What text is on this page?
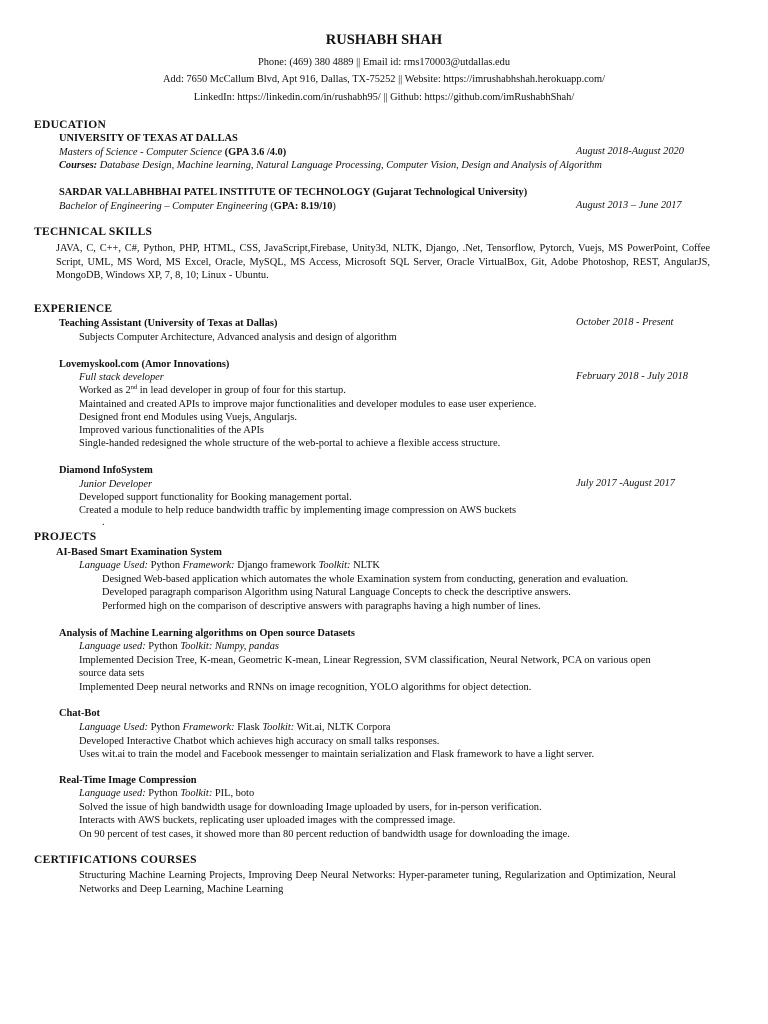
RUSHABH SHAH
Phone: (469) 380 4889 || Email id: rms170003@utdallas.edu
Add: 7650 McCallum Blvd, Apt 916, Dallas, TX-75252 || Website: https://imrushabhshah.herokuapp.com/
LinkedIn: https://linkedin.com/in/rushabh95/ || Github: https://github.com/imRushabhShah/
EDUCATION
UNIVERSITY OF TEXAS AT DALLAS
Masters of Science - Computer Science (GPA 3.6 /4.0)	August 2018-August 2020
Courses: Database Design, Machine learning, Natural Language Processing, Computer Vision, Design and Analysis of Algorithm
SARDAR VALLABHBHAI PATEL INSTITUTE OF TECHNOLOGY (Gujarat Technological University)
Bachelor of Engineering – Computer Engineering (GPA: 8.19/10)	August 2013 – June 2017
TECHNICAL SKILLS
JAVA, C, C++, C#, Python, PHP, HTML, CSS, JavaScript,Firebase, Unity3d, NLTK, Django, .Net, Tensorflow, Pytorch, Vuejs, MS PowerPoint, Coffee Script, UML, MS Word, MS Excel, Oracle, MySQL, MS Access, Microsoft SQL Server, Oracle VirtualBox, Git, Adobe Photoshop, REST, AngularJS, MongoDB, Windows XP, 7, 8, 10; Linux - Ubuntu.
EXPERIENCE
Teaching Assistant (University of Texas at Dallas)	October 2018 - Present
Subjects Computer Architecture, Advanced analysis and design of algorithm
Lovemyskool.com (Amor Innovations)
Full stack developer	February 2018 - July 2018
Worked as 2nd in lead developer in group of four for this startup.
Maintained and created APIs to improve major functionalities and developer modules to ease user experience.
Designed front end Modules using Vuejs, Angularjs.
Improved various functionalities of the APIs
Single-handed redesigned the whole structure of the web-portal to achieve a flexible access structure.
Diamond InfoSystem
Junior Developer	July 2017 -August 2017
Developed support functionality for Booking management portal.
Created a module to help reduce bandwidth traffic by implementing image compression on AWS buckets
.
PROJECTS
AI-Based Smart Examination System
Language Used: Python Framework: Django framework Toolkit: NLTK
Designed Web-based application which automates the whole Examination system from conducting, generation and evaluation.
Developed paragraph comparison Algorithm using Natural Language Concepts to check the descriptive answers.
Performed high on the comparison of descriptive answers with paragraphs having a high number of lines.
Analysis of Machine Learning algorithms on Open source Datasets
Language used: Python Toolkit: Numpy, pandas
Implemented Decision Tree, K-mean, Geometric K-mean, Linear Regression, SVM classification, Neural Network, PCA on various open
source data sets
Implemented Deep neural networks and RNNs on image recognition, YOLO algorithms for object detection.
Chat-Bot
Language Used: Python Framework: Flask Toolkit: Wit.ai, NLTK Corpora
Developed Interactive Chatbot which achieves high accuracy on small talks responses.
Uses wit.ai to train the model and Facebook messenger to maintain serialization and Flask framework to have a light server.
Real-Time Image Compression
Language used: Python Toolkit: PIL, boto
Solved the issue of high bandwidth usage for downloading Image uploaded by users, for in-person verification.
Interacts with AWS buckets, replicating user uploaded images with the compressed image.
On 90 percent of test cases, it showed more than 80 percent reduction of bandwidth usage for downloading the image.
CERTIFICATIONS COURSES
Structuring Machine Learning Projects, Improving Deep Neural Networks: Hyper-parameter tuning, Regularization and Optimization, Neural Networks and Deep Learning, Machine Learning
